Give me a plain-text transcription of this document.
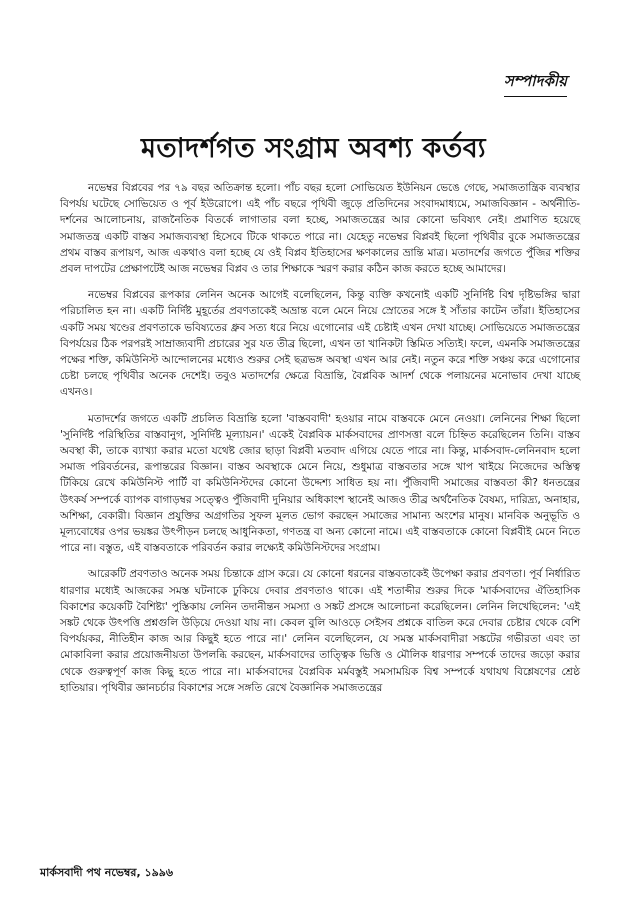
সম্পাদকীয়
মতাদর্শগত সংগ্রাম অবশ্য কর্তব্য

নভেম্বর বিপ্লবের পর ৭৯ বছর অতিক্রান্ত হলো। পাঁচ বছর হলো সোভিয়েত ইউনিয়ন ভেঙে গেছে, সমাজতান্ত্রিক ব্যবস্থার বিপর্যয় ঘটেছে সোভিয়েত ও পূর্ব ইউরোপে। এই পাঁচ বছরে পৃথিবী জুড়ে প্রতিদিনের সংবাদমাধ্যমে, সমাজবিজ্ঞান - অর্থনীতি-দর্শনের আলোচনায়, রাজনৈতিক বিতর্কে লাগাতার বলা হচ্ছে, সমাজতন্ত্রের আর কোনো ভবিষ্যৎ নেই। প্রমাণিত হয়েছে সমাজতন্ত্র একটি বাস্তব সমাজব্যবস্থা হিসেবে টিকে থাকতে পারে না। যেহেতু নভেম্বর বিপ্লবই ছিলো পৃথিবীর বুকে সমাজতন্ত্রের প্রথম বাস্তব রূপায়ণ, আজ একথাও বলা হচ্ছে যে ওই বিপ্লব ইতিহাসের ক্ষণকালের ভ্রান্তি মাত্র। মতাদর্শের জগতে পুঁজির শক্তির প্রবল দাপটের প্রেক্ষাপটেই আজ নভেম্বর বিপ্লব ও তার শিক্ষাকে স্মরণ করার কঠিন কাজ করতে হচ্ছে আমাদের।

নভেম্বর বিপ্লবের রূপকার লেনিন অনেক আগেই বলেছিলেন, কিন্তু ব্যক্তি কখনোই একটি সুনির্দিষ্ট বিশ্ব দৃষ্টিভঙ্গির দ্বারা পরিচালিত হন না। একটি নির্দিষ্ট মুহূর্তের প্রবণতাকেই অভ্রান্ত বলে মেনে নিয়ে স্রোতের সঙ্গে ই সাঁতার কাটেন তাঁরা। ইতিহাসের একটি সময় খণ্ডের প্রবণতাকে ভবিষ্যতের ধ্রুব সত্য ধরে নিয়ে এগোনোর এই চেষ্টাই এখন দেখা যাচ্ছে। সোভিয়েতে সমাজতন্ত্রের বিপর্যয়ের ঠিক পরপরই সাম্রাজ্যবাদী প্রচারের সুর যত তীব্র ছিলো, এখন তা খানিকটা স্তিমিত সত্যিই। ফলে, এমনকি সমাজতন্ত্রের পক্ষের শক্তি, কমিউনিস্ট আন্দোলনের মধ্যেও শুরুর সেই ছত্রভঙ্গ অবস্থা এখন আর নেই। নতুন করে শক্তি সঞ্চয় করে এগোনোর চেষ্টা চলছে পৃথিবীর অনেক দেশেই। তবুও মতাদর্শের ক্ষেত্রে বিভ্রান্তি, বৈপ্লবিক আদর্শ থেকে পলায়নের মনোভাব দেখা যাচ্ছে এখনও।

মতাদর্শের জগতে একটি প্রচলিত বিভ্রান্তি হলো 'বাস্তববাদী' হওয়ার নামে বাস্তবকে মেনে নেওয়া। লেনিনের শিক্ষা ছিলো 'সুনির্দিষ্ট পরিস্থিতির বাস্তবানুগ, সুনির্দিষ্ট মূল্যায়ন।' একেই বৈপ্লবিক মার্কসবাদের প্রাণসত্তা বলে চিহ্নিত করেছিলেন তিনি। বাস্তব অবস্থা কী, তাকে ব্যাখ্যা করার মতো যথেষ্ট জোর ছাড়া বিপ্লবী মতবাদ এগিয়ে যেতে পারে না। কিন্তু, মার্কসবাদ-লেনিনবাদ হলো সমাজ পরিবর্তনের, রূপান্তরের বিজ্ঞান। বাস্তব অবস্থাকে মেনে নিয়ে, শুধুমাত্র বাস্তবতার সঙ্গে খাপ খাইয়ে নিজেদের অস্তিত্ব টিকিয়ে রেখে কমিউনিস্ট পার্টি বা কমিউনিস্টদের কোনো উদ্দেশ্য সাধিত হয় না। পুঁজিবাদী সমাজের বাস্তবতা কী? ধনতন্ত্রের উৎকর্ষ সম্পর্কে ব্যাপক বাগাড়ম্বর সত্ত্বেও পুঁজিবাদী দুনিয়ার অধিকাংশ স্থানেই আজও তীব্র অর্থনৈতিক বৈষম্য, দারিদ্র্য, অনাহার, অশিক্ষা, বেকারী। বিজ্ঞান প্রযুক্তির অগ্রগতির সুফল মূলত ভোগ করছেন সমাজের সামান্য অংশের মানুষ। মানবিক অনুভূতি ও মূল্যবোধের ওপর ভয়ঙ্কর উৎপীড়ন চলছে আধুনিকতা, গণতন্ত্র বা অন্য কোনো নামে। এই বাস্তবতাকে কোনো বিপ্লবীই মেনে নিতে পারে না। বস্তুত, এই বাস্তবতাকে পরিবর্তন করার লক্ষ্যেই কমিউনিস্টদের সংগ্রাম।

আরেকটি প্রবণতাও অনেক সময় চিন্তাকে গ্রাস করে। যে কোনো ধরনের বাস্তবতাকেই উপেক্ষা করার প্রবণতা। পূর্ব নির্ধারিত ধারণার মধ্যেই আজকের সমস্ত ঘটনাকে ঢুকিয়ে দেবার প্রবণতাও থাকে। এই শতাব্দীর শুরুর দিকে 'মার্কসবাদের ঐতিহাসিক বিকাশের কয়েকটি বৈশিষ্ট্য' পুস্তিকায় লেনিন তদানীন্তন সমস্যা ও সঙ্কট প্রসঙ্গে আলোচনা করেছিলেন। লেনিন লিখেছিলেন: 'এই সঙ্কট থেকে উৎপত্তি প্রশ্নগুলি উড়িয়ে দেওয়া যায় না। কেবল বুলি আওড়ে সেইসব প্রশ্নকে বাতিল করে দেবার চেষ্টার থেকে বেশি বিপর্যয়কর, নীতিহীন কাজ আর কিছুই হতে পারে না।' লেনিন বলেছিলেন, যে সমস্ত মার্কসবাদীরা সঙ্কটের গভীরতা এবং তা মোকাবিলা করার প্রয়োজনীয়তা উপলব্ধি করছেন, মার্কসবাদের তাত্ত্বিক ভিত্তি ও মৌলিক ধারণার সম্পর্কে তাদের জড়ো করার থেকে গুরুত্বপূর্ণ কাজ কিছু হতে পারে না। মার্কসবাদের বৈপ্লবিক মর্মবস্তুই সমসাময়িক বিশ্ব সম্পর্কে যথাযথ বিশ্লেষণের শ্রেষ্ঠ হাতিয়ার। পৃথিবীর জ্ঞানচর্চার বিকাশের সঙ্গে সঙ্গতি রেখে বৈজ্ঞানিক সমাজতন্ত্রের

মার্কসবাদী পথ নভেম্বর, ১৯৯৬
